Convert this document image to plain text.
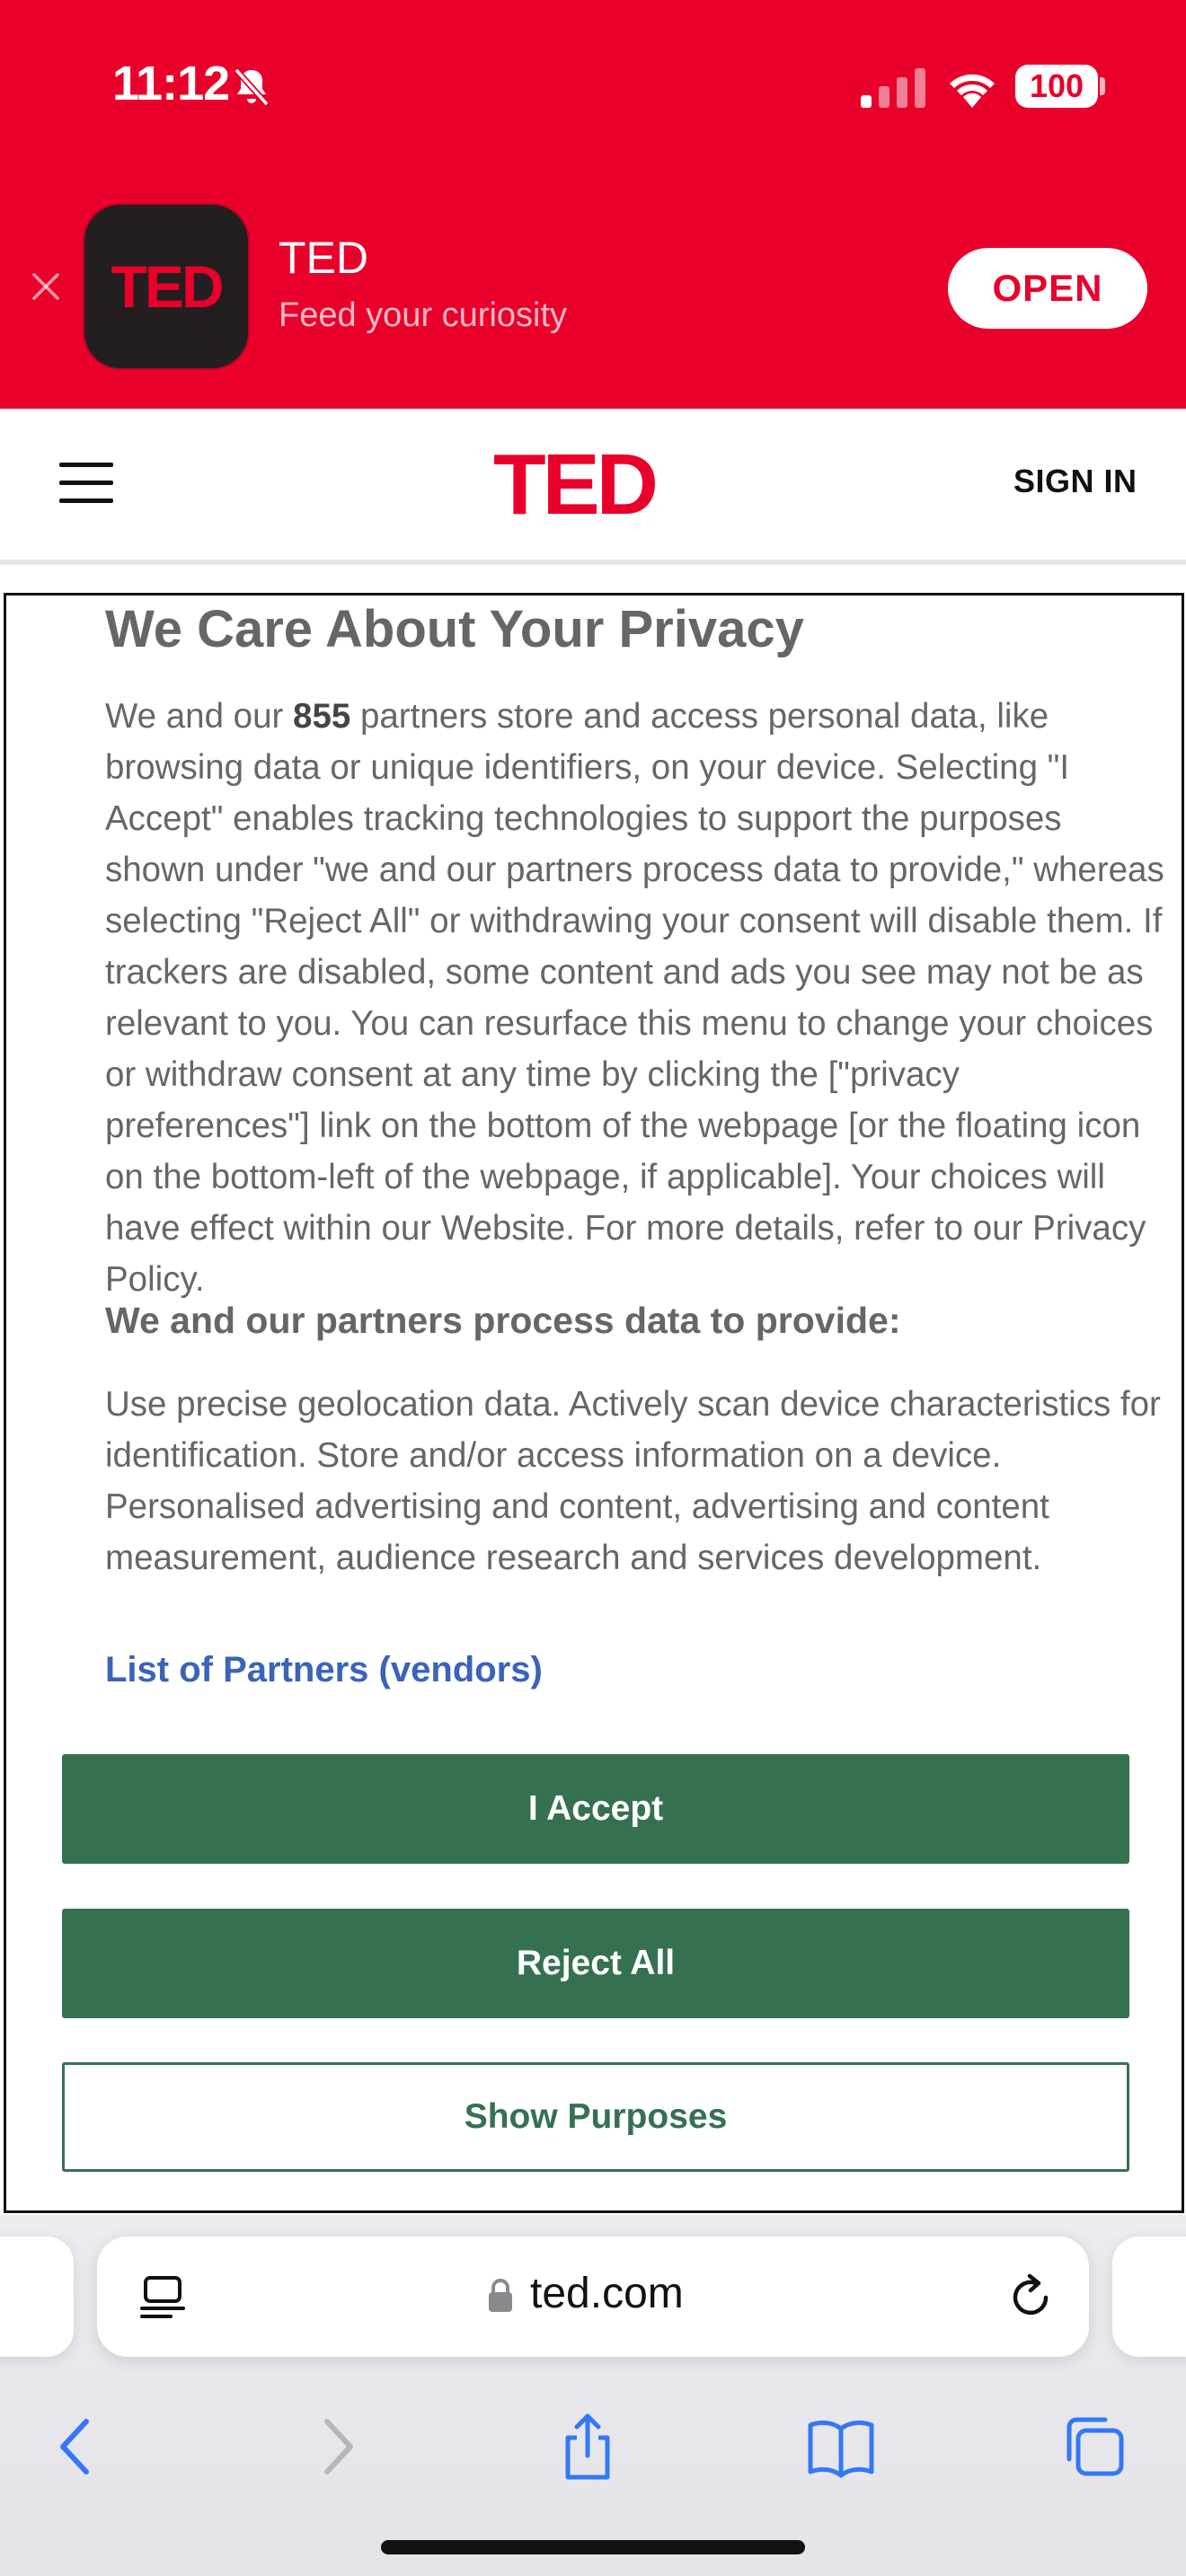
11:12	100
TED	TED
Feed your curiosity
OPEN
TED	SIGN IN
We Care About Your Privacy

We and our 855 partners store and access personal data, like browsing data or unique identifiers, on your device. Selecting "I Accept" enables tracking technologies to support the purposes shown under "we and our partners process data to provide," whereas selecting "Reject All" or withdrawing your consent will disable them. If trackers are disabled, some content and ads you see may not be as relevant to you. You can resurface this menu to change your choices or withdraw consent at any time by clicking the ["privacy preferences"] link on the bottom of the webpage [or the floating icon on the bottom-left of the webpage, if applicable]. Your choices will have effect within our Website. For more details, refer to our Privacy Policy.

We and our partners process data to provide:

Use precise geolocation data. Actively scan device characteristics for identification. Store and/or access information on a device. Personalised advertising and content, advertising and content measurement, audience research and services development.

List of Partners (vendors)
I Accept
Reject All
Show Purposes
ted.com
